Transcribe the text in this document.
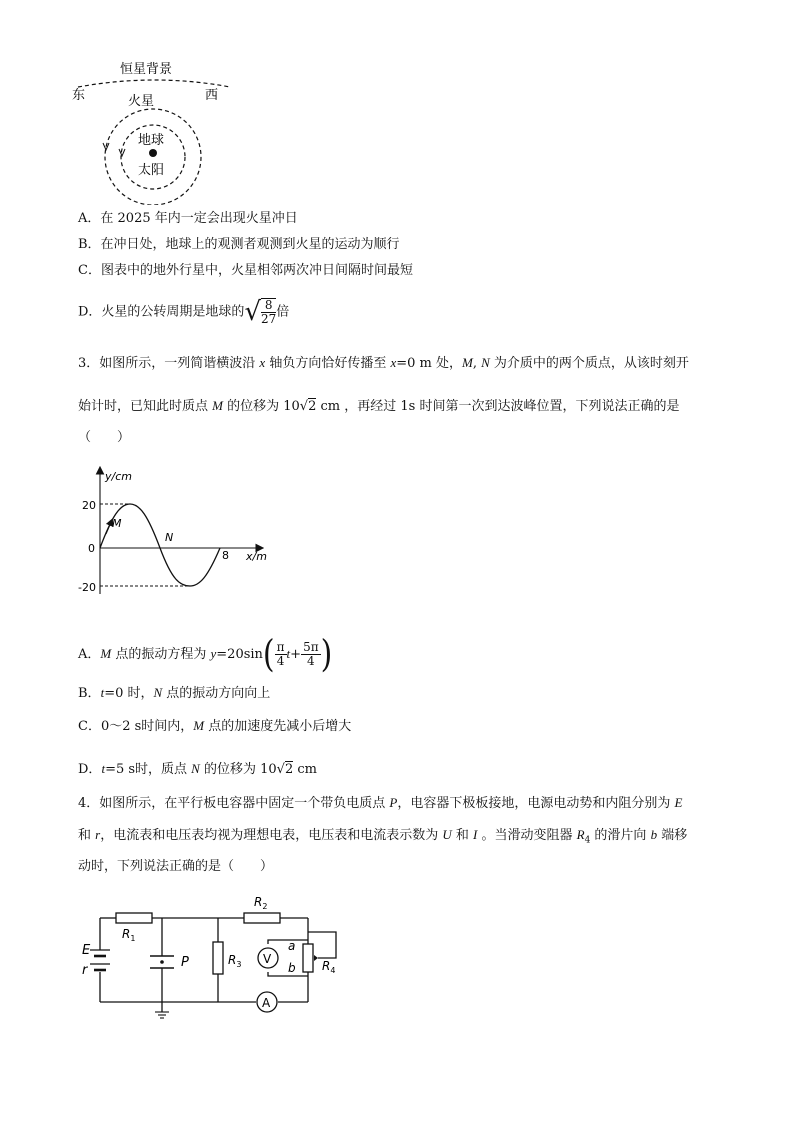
恒星背景
东	西
火星
地球
太阳
A．在 2025 年内一定会出现火星冲日
B．在冲日处，地球上的观测者观测到火星的运动为顺行
C．图表中的地外行星中，火星相邻两次冲日间隔时间最短
D．火星的公转周期是地球的√ $\frac{8}{27}$ 倍
3．如图所示，一列简谐横波沿 x 轴负方向恰好传播至 x=0 m 处，M, N 为介质中的两个质点，从该时刻开
始计时，已知此时质点 M 的位移为 10√2 cm ，再经过 1s 时间第一次到达波峰位置，下列说法正确的是
（　　）
y/cm
x/m
20
0
-20
8
M
N
A．M 点的振动方程为 $y=20\sin( \frac{\pi}{4} t+ \frac{5\pi}{4}$ )
B．t=0 时，N 点的振动方向向上
C．0～2 s时间内，M 点的加速度先减小后增大
D．t=5 s时，质点 N 的位移为 10√2 cm
4．如图所示，在平行板电容器中固定一个带负电质点 P，电容器下极板接地，电源电动势和内阻分别为 E
和 r，电流表和电压表均视为理想电表，电压表和电流表示数为 U 和 I 。当滑动变阻器 $R_4$ 的滑片向 b 端移
动时，下列说法正确的是（　　）
E
r
$R_1$
$R_2$
P	$R_3$ V
a
b $R_4$
A
